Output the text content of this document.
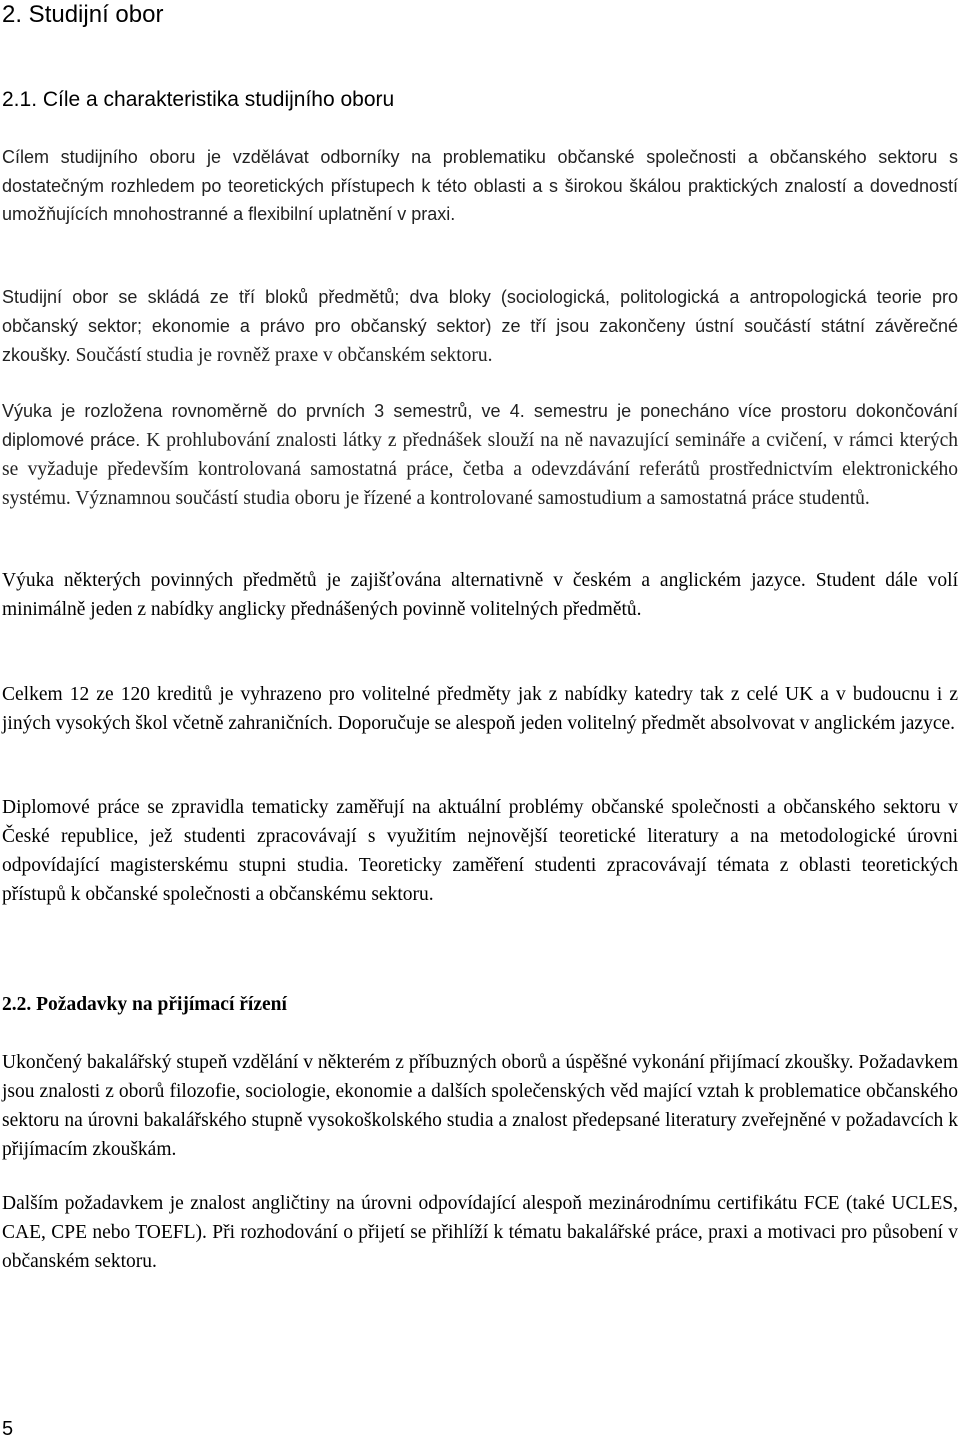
2. Studijní obor
2.1. Cíle a charakteristika studijního oboru

Cílem studijního oboru je vzdělávat odborníky na problematiku občanské společnosti a občanského sektoru s dostatečným rozhledem po teoretických přístupech k této oblasti a s širokou škálou praktických znalostí a dovedností umožňujících mnohostranné a flexibilní uplatnění v praxi.

Studijní obor se skládá ze tří bloků předmětů; dva bloky (sociologická, politologická a antropologická teorie pro občanský sektor; ekonomie a právo pro občanský sektor) ze tří jsou zakončeny ústní součástí státní závěrečné zkoušky. Součástí studia je rovněž praxe v občanském sektoru.

Výuka je rozložena rovnoměrně do prvních 3 semestrů, ve 4. semestru je ponecháno více prostoru dokončování diplomové práce. K prohlubování znalosti látky z přednášek slouží na ně navazující semináře a cvičení, v rámci kterých se vyžaduje především kontrolovaná samostatná práce, četba a odevzdávání referátů prostřednictvím elektronického systému. Významnou součástí studia oboru je řízené a kontrolované samostudium a samostatná práce studentů.

Výuka některých povinných předmětů je zajišťována alternativně v českém a anglickém jazyce. Student dále volí minimálně jeden z nabídky anglicky přednášených povinně volitelných předmětů.

Celkem 12 ze 120 kreditů je vyhrazeno pro volitelné předměty jak z nabídky katedry tak z celé UK a v budoucnu i z jiných vysokých škol včetně zahraničních. Doporučuje se alespoň jeden volitelný předmět absolvovat v anglickém jazyce.

Diplomové práce se zpravidla tematicky zaměřují na aktuální problémy občanské společnosti a občanského sektoru v České republice, jež studenti zpracovávají s využitím nejnovější teoretické literatury a na metodologické úrovni odpovídající magisterskému stupni studia. Teoreticky zaměření studenti zpracovávají témata z oblasti teoretických přístupů k občanské společnosti a občanskému sektoru.

2.2. Požadavky na přijímací řízení

Ukončený bakalářský stupeň vzdělání v některém z příbuzných oborů a úspěšné vykonání přijímací zkoušky. Požadavkem jsou znalosti z oborů filozofie, sociologie, ekonomie a dalších společenských věd mající vztah k problematice občanského sektoru na úrovni bakalářského stupně vysokoškolského studia a znalost předepsané literatury zveřejněné v požadavcích k přijímacím zkouškám.

Dalším požadavkem je znalost angličtiny na úrovni odpovídající alespoň mezinárodnímu certifikátu FCE (také UCLES, CAE, CPE nebo TOEFL). Při rozhodování o přijetí se přihlíží k tématu bakalářské práce, praxi a motivaci pro působení v občanském sektoru.

5
